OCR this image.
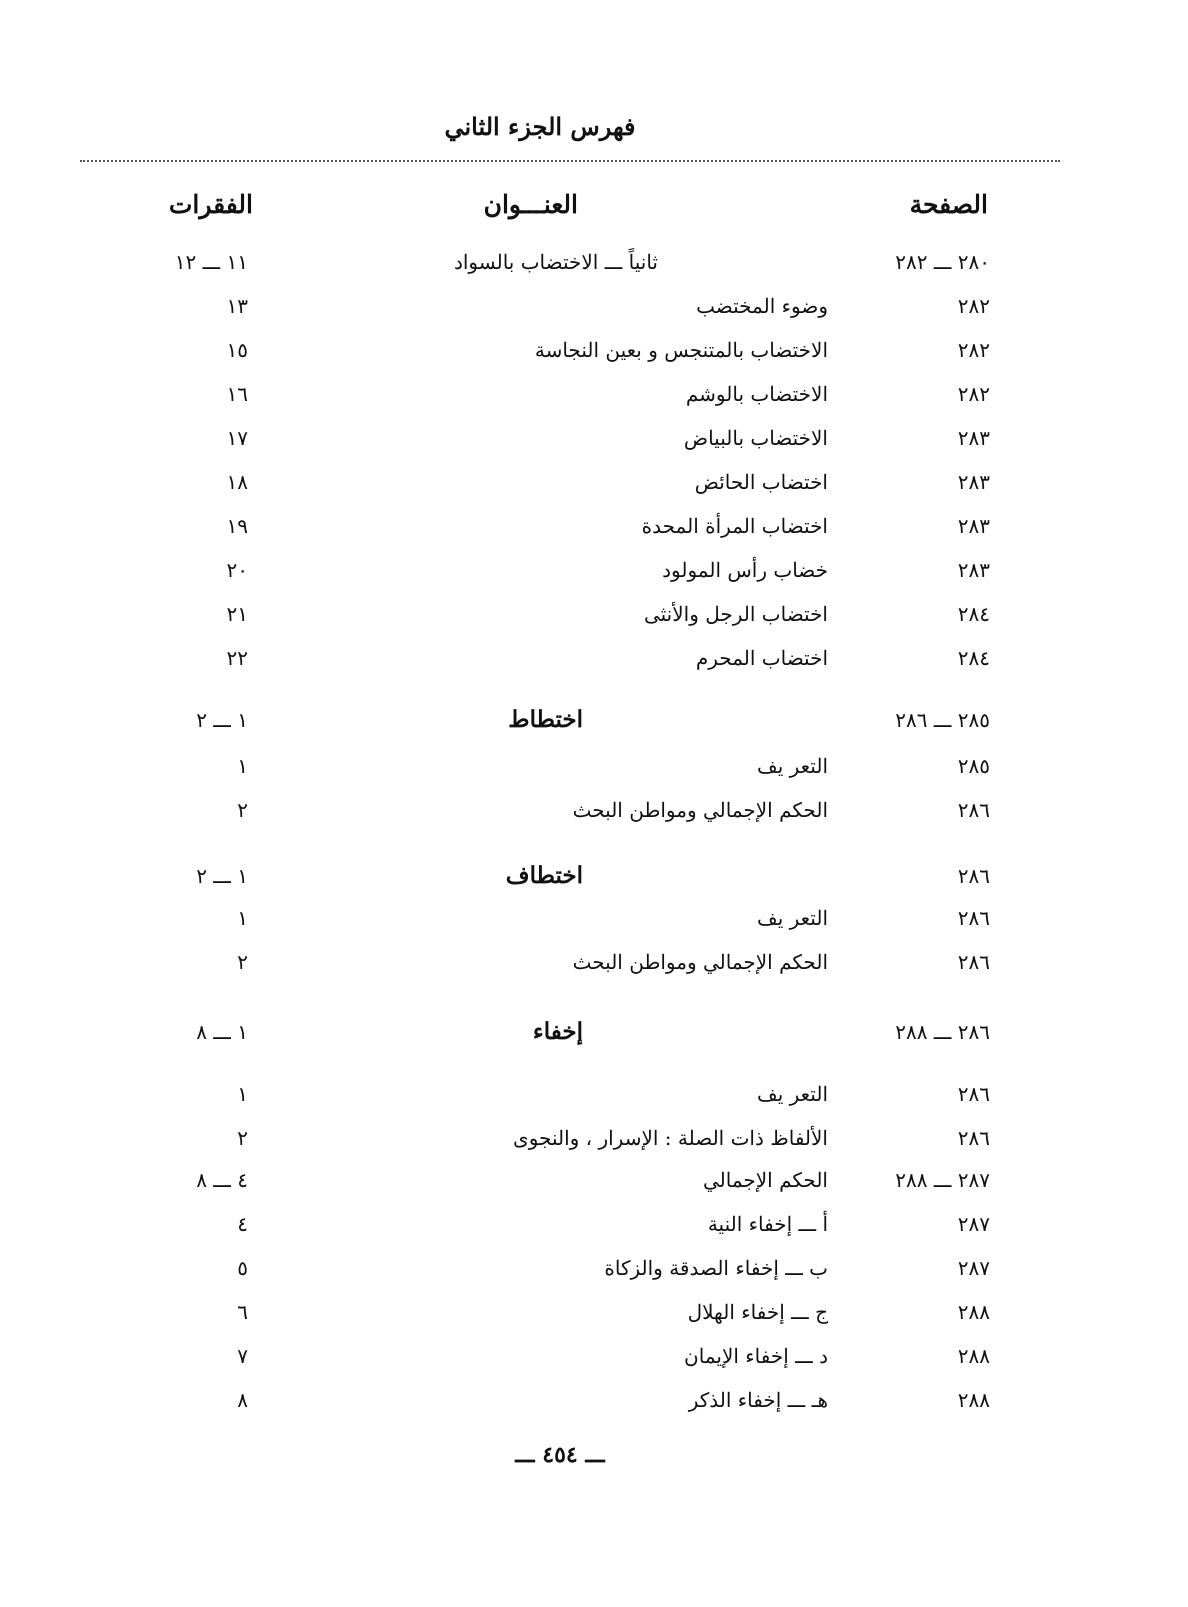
فهرس الجزء الثاني
الصفحة
العنـــوان
الفقرات
٢٨٠ ـــ ٢٨٢
ثانياً ـــ الاختضاب بالسواد
١١ ـــ ١٢
٢٨٢
وضوء المختضب
١٣
٢٨٢
الاختضاب بالمتنجس و بعين النجاسة
١٥
٢٨٢
الاختضاب بالوشم
١٦
٢٨٣
الاختضاب بالبياض
١٧
٢٨٣
اختضاب الحائض
١٨
٢٨٣
اختضاب المرأة المحدة
١٩
٢٨٣
خضاب رأس المولود
٢٠
٢٨٤
اختضاب الرجل والأنثى
٢١
٢٨٤
اختضاب المحرم
٢٢
٢٨٥ ـــ ٢٨٦
اختطاط
١ ـــ ٢
٢٨٥
التعر يف
١
٢٨٦
الحكم الإجمالي ومواطن البحث
٢
٢٨٦
اختطاف
١ ـــ ٢
٢٨٦
التعر يف
١
٢٨٦
الحكم الإجمالي ومواطن البحث
٢
٢٨٦ ـــ ٢٨٨
إخفاء
١ ـــ ٨
٢٨٦
التعر يف
١
٢٨٦
الألفاظ ذات الصلة : الإسرار ، والنجوى
٢
٢٨٧ ـــ ٢٨٨
الحكم الإجمالي
٤ ـــ ٨
٢٨٧
أ ـــ إخفاء النية
٤
٢٨٧
ب ـــ إخفاء الصدقة والزكاة
٥
٢٨٨
ج ـــ إخفاء الهلال
٦
٢٨٨
د ـــ إخفاء الإيمان
٧
٢٨٨
هـ ـــ إخفاء الذكر
٨
ـــ ٤٥٤ ـــ
